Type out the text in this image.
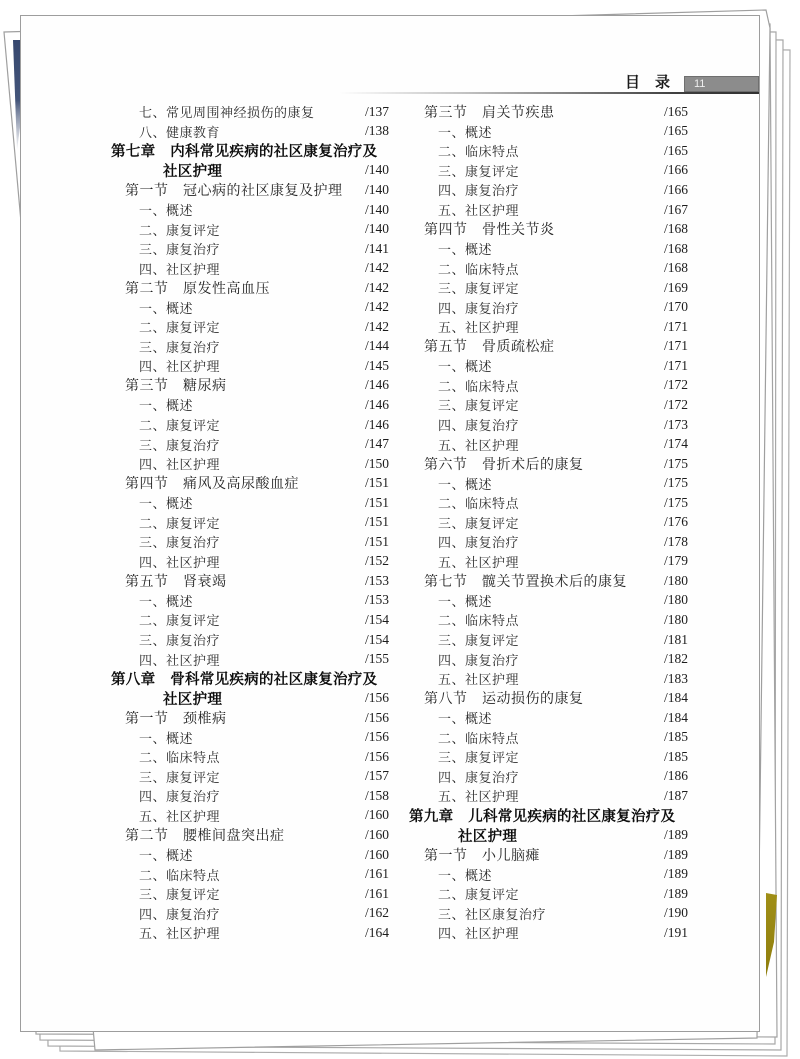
目　录	11
七、常见周围神经损伤的康复	/137
八、健康教育	/138
第七章　内科常见疾病的社区康复治疗及
社区护理	/140
第一节　冠心病的社区康复及护理 /140
一、概述	/140
二、康复评定	/140
三、康复治疗	/141
四、社区护理	/142
第二节　原发性高血压	/142
一、概述	/142
二、康复评定	/142
三、康复治疗	/144
四、社区护理	/145
第三节　糖尿病	/146
一、概述	/146
二、康复评定	/146
三、康复治疗	/147
四、社区护理	/150
第四节　痛风及高尿酸血症	/151
一、概述	/151
二、康复评定	/151
三、康复治疗	/151
四、社区护理	/152
第五节　肾衰竭	/153
一、概述	/153
二、康复评定	/154
三、康复治疗	/154
四、社区护理	/155
第八章　骨科常见疾病的社区康复治疗及
社区护理	/156
第一节　颈椎病	/156
一、概述	/156
二、临床特点	/156
三、康复评定	/157
四、康复治疗	/158
五、社区护理	/160
第二节　腰椎间盘突出症	/160
一、概述	/160
二、临床特点	/161
三、康复评定	/161
四、康复治疗	/162
五、社区护理	/164
第三节　肩关节疾患	/165
一、概述	/165
二、临床特点	/165
三、康复评定	/166
四、康复治疗	/166
五、社区护理	/167
第四节　骨性关节炎	/168
一、概述	/168
二、临床特点	/168
三、康复评定	/169
四、康复治疗	/170
五、社区护理	/171
第五节　骨质疏松症	/171
一、概述	/171
二、临床特点	/172
三、康复评定	/172
四、康复治疗	/173
五、社区护理	/174
第六节　骨折术后的康复	/175
一、概述	/175
二、临床特点	/175
三、康复评定	/176
四、康复治疗	/178
五、社区护理	/179
第七节　髋关节置换术后的康复	/180
一、概述	/180
二、临床特点	/180
三、康复评定	/181
四、康复治疗	/182
五、社区护理	/183
第八节　运动损伤的康复	/184
一、概述	/184
二、临床特点	/185
三、康复评定	/185
四、康复治疗	/186
五、社区护理	/187
第九章　儿科常见疾病的社区康复治疗及
社区护理	/189
第一节　小儿脑瘫	/189
一、概述	/189
二、康复评定	/189
三、社区康复治疗	/190
四、社区护理	/191
